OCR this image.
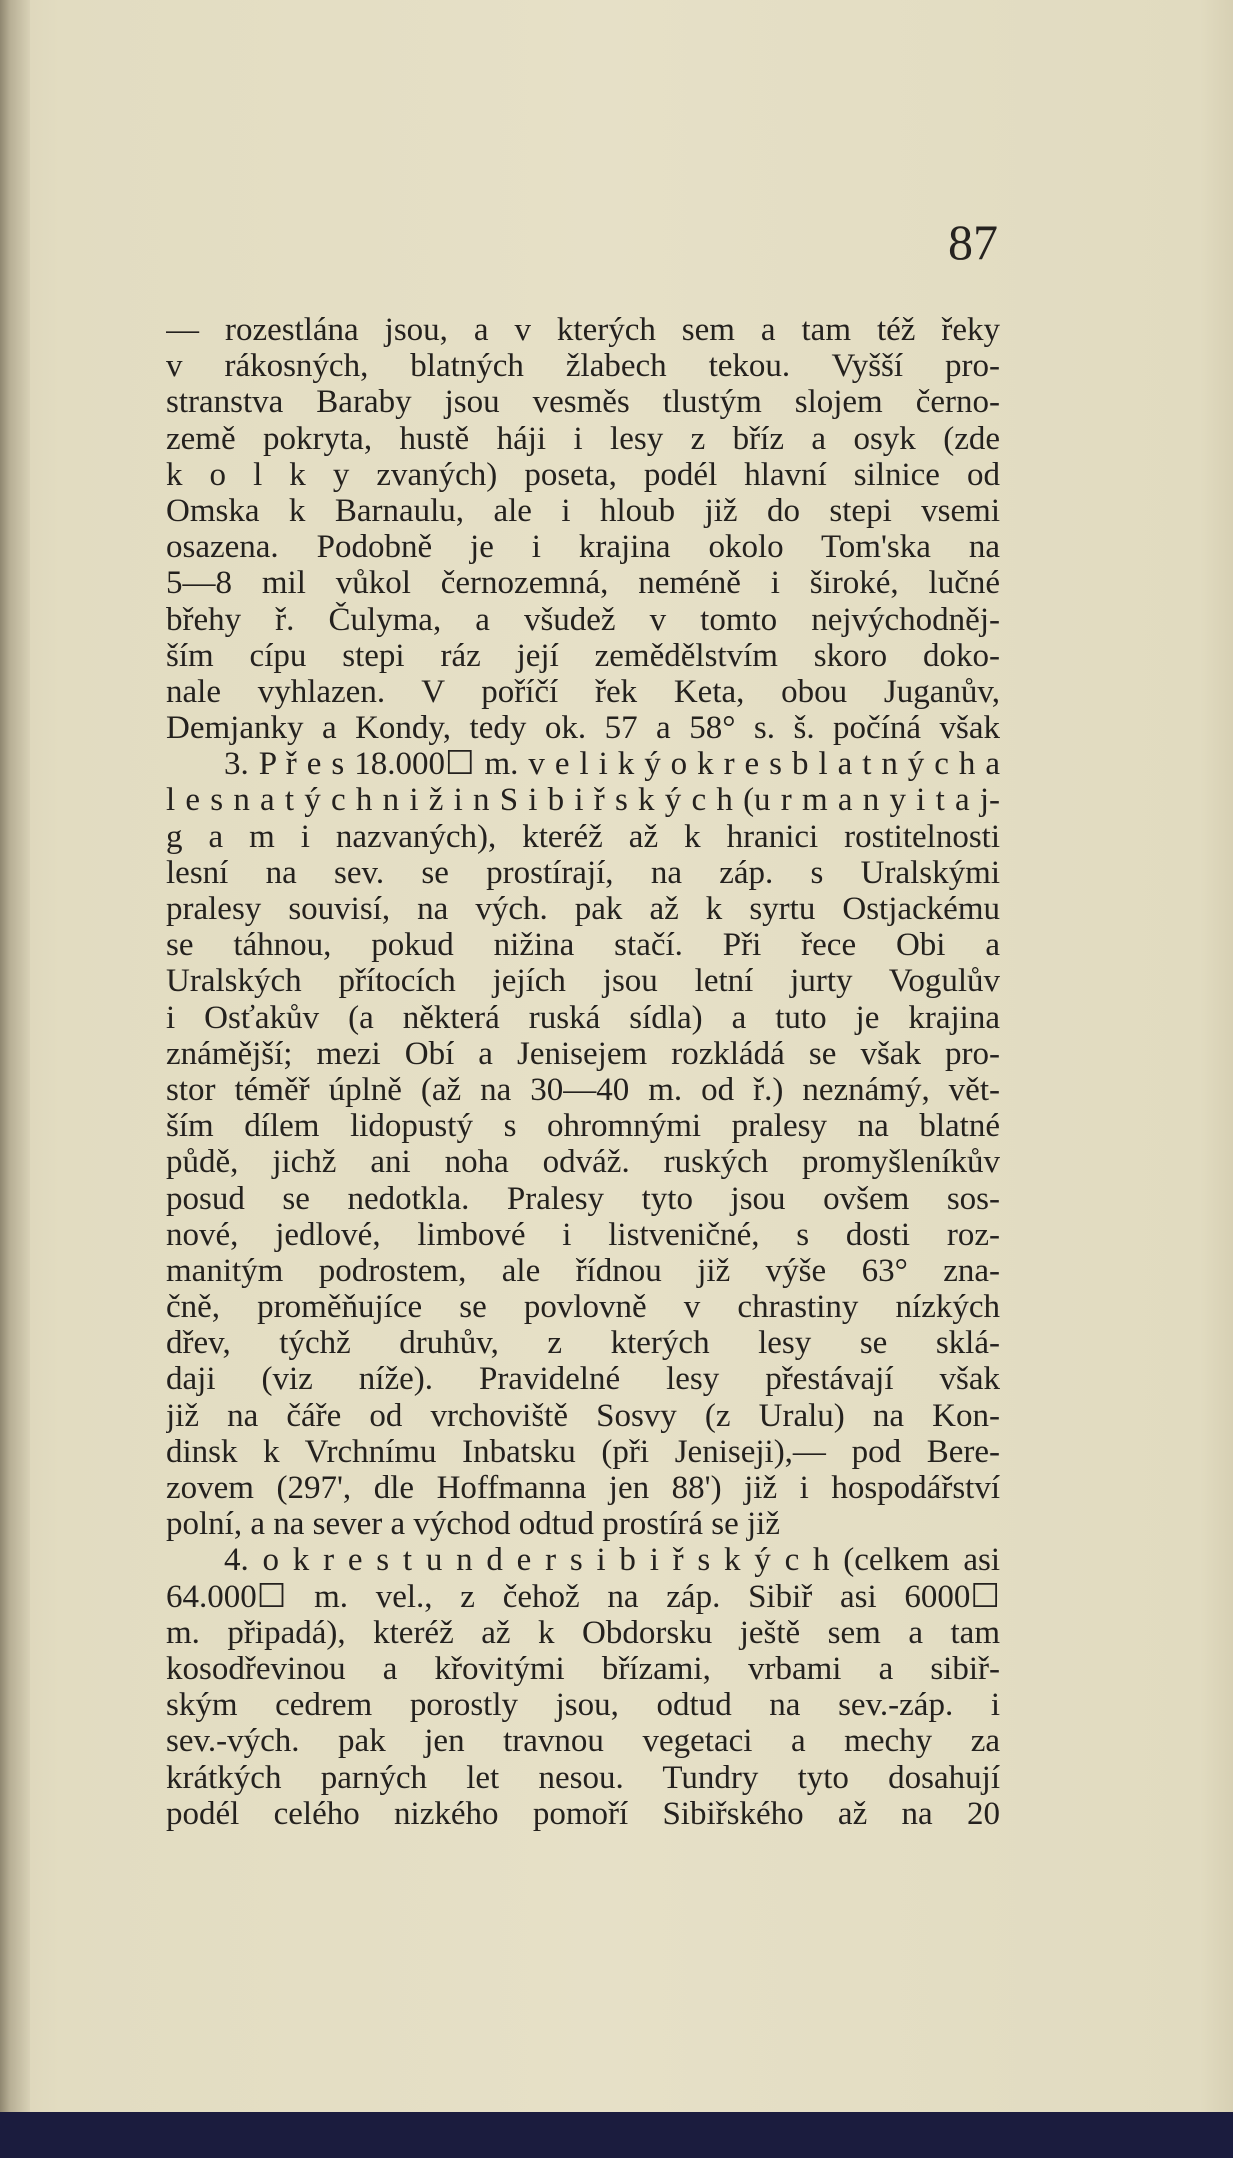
87
— rozestlána jsou, a v kterých sem a tam též řeky
v rákosných, blatných žlabech tekou. Vyšší pro-
stranstva Baraby jsou vesměs tlustým slojem černo-
země pokryta, hustě háji i lesy z bříz a osyk (zde
k o l k y zvaných) poseta, podél hlavní silnice od
Omska k Barnaulu, ale i hloub již do stepi vsemi
osazena. Podobně je i krajina okolo Tom'ska na
5—8 mil vůkol černozemná, neméně i široké, lučné
břehy ř. Čulyma, a všudež v tomto nejvýchodněj-
ším cípu stepi ráz její zemědělstvím skoro doko-
nale vyhlazen. V poříčí řek Keta, obou Juganův,
Demjanky a Kondy, tedy ok. 57 a 58° s. š. počíná však
3. P ř e s 18.000☐ m. v e l i k ý o k r e s b l a t n ý c h a
l e s n a t ý c h n i ž i n S i b i ř s k ý c h (u r m a n y i t a j-
g a m i nazvaných), kteréž až k hranici rostitelnosti
lesní na sev. se prostírají, na záp. s Uralskými
pralesy souvisí, na vých. pak až k syrtu Ostjackému
se táhnou, pokud nižina stačí. Při řece Obi a
Uralských přítocích jejích jsou letní jurty Vogulův
i Osťakův (a některá ruská sídla) a tuto je krajina
známější; mezi Obí a Jenisejem rozkládá se však pro-
stor téměř úplně (až na 30—40 m. od ř.) neznámý, vět-
ším dílem lidopustý s ohromnými pralesy na blatné
půdě, jichž ani noha odváž. ruských promyšleníkův
posud se nedotkla. Pralesy tyto jsou ovšem sos-
nové, jedlové, limbové i listveničné, s dosti roz-
manitým podrostem, ale řídnou již výše 63° zna-
čně, proměňujíce se povlovně v chrastiny nízkých
dřev, týchž druhův, z kterých lesy se sklá-
daji (viz níže). Pravidelné lesy přestávají však
již na čáře od vrchoviště Sosvy (z Uralu) na Kon-
dinsk k Vrchnímu Inbatsku (při Jeniseji),— pod Bere-
zovem (297', dle Hoffmanna jen 88') již i hospodářství
polní, a na sever a východ odtud prostírá se již
4. o k r e s t u n d e r s i b i ř s k ý c h (celkem asi
64.000☐ m. vel., z čehož na záp. Sibiř asi 6000☐
m. připadá), kteréž až k Obdorsku ještě sem a tam
kosodřevinou a křovitými břízami, vrbami a sibiř-
ským cedrem porostly jsou, odtud na sev.-záp. i
sev.-vých. pak jen travnou vegetaci a mechy za
krátkých parných let nesou. Tundry tyto dosahují
podél celého nizkého pomoří Sibiřského až na 20
